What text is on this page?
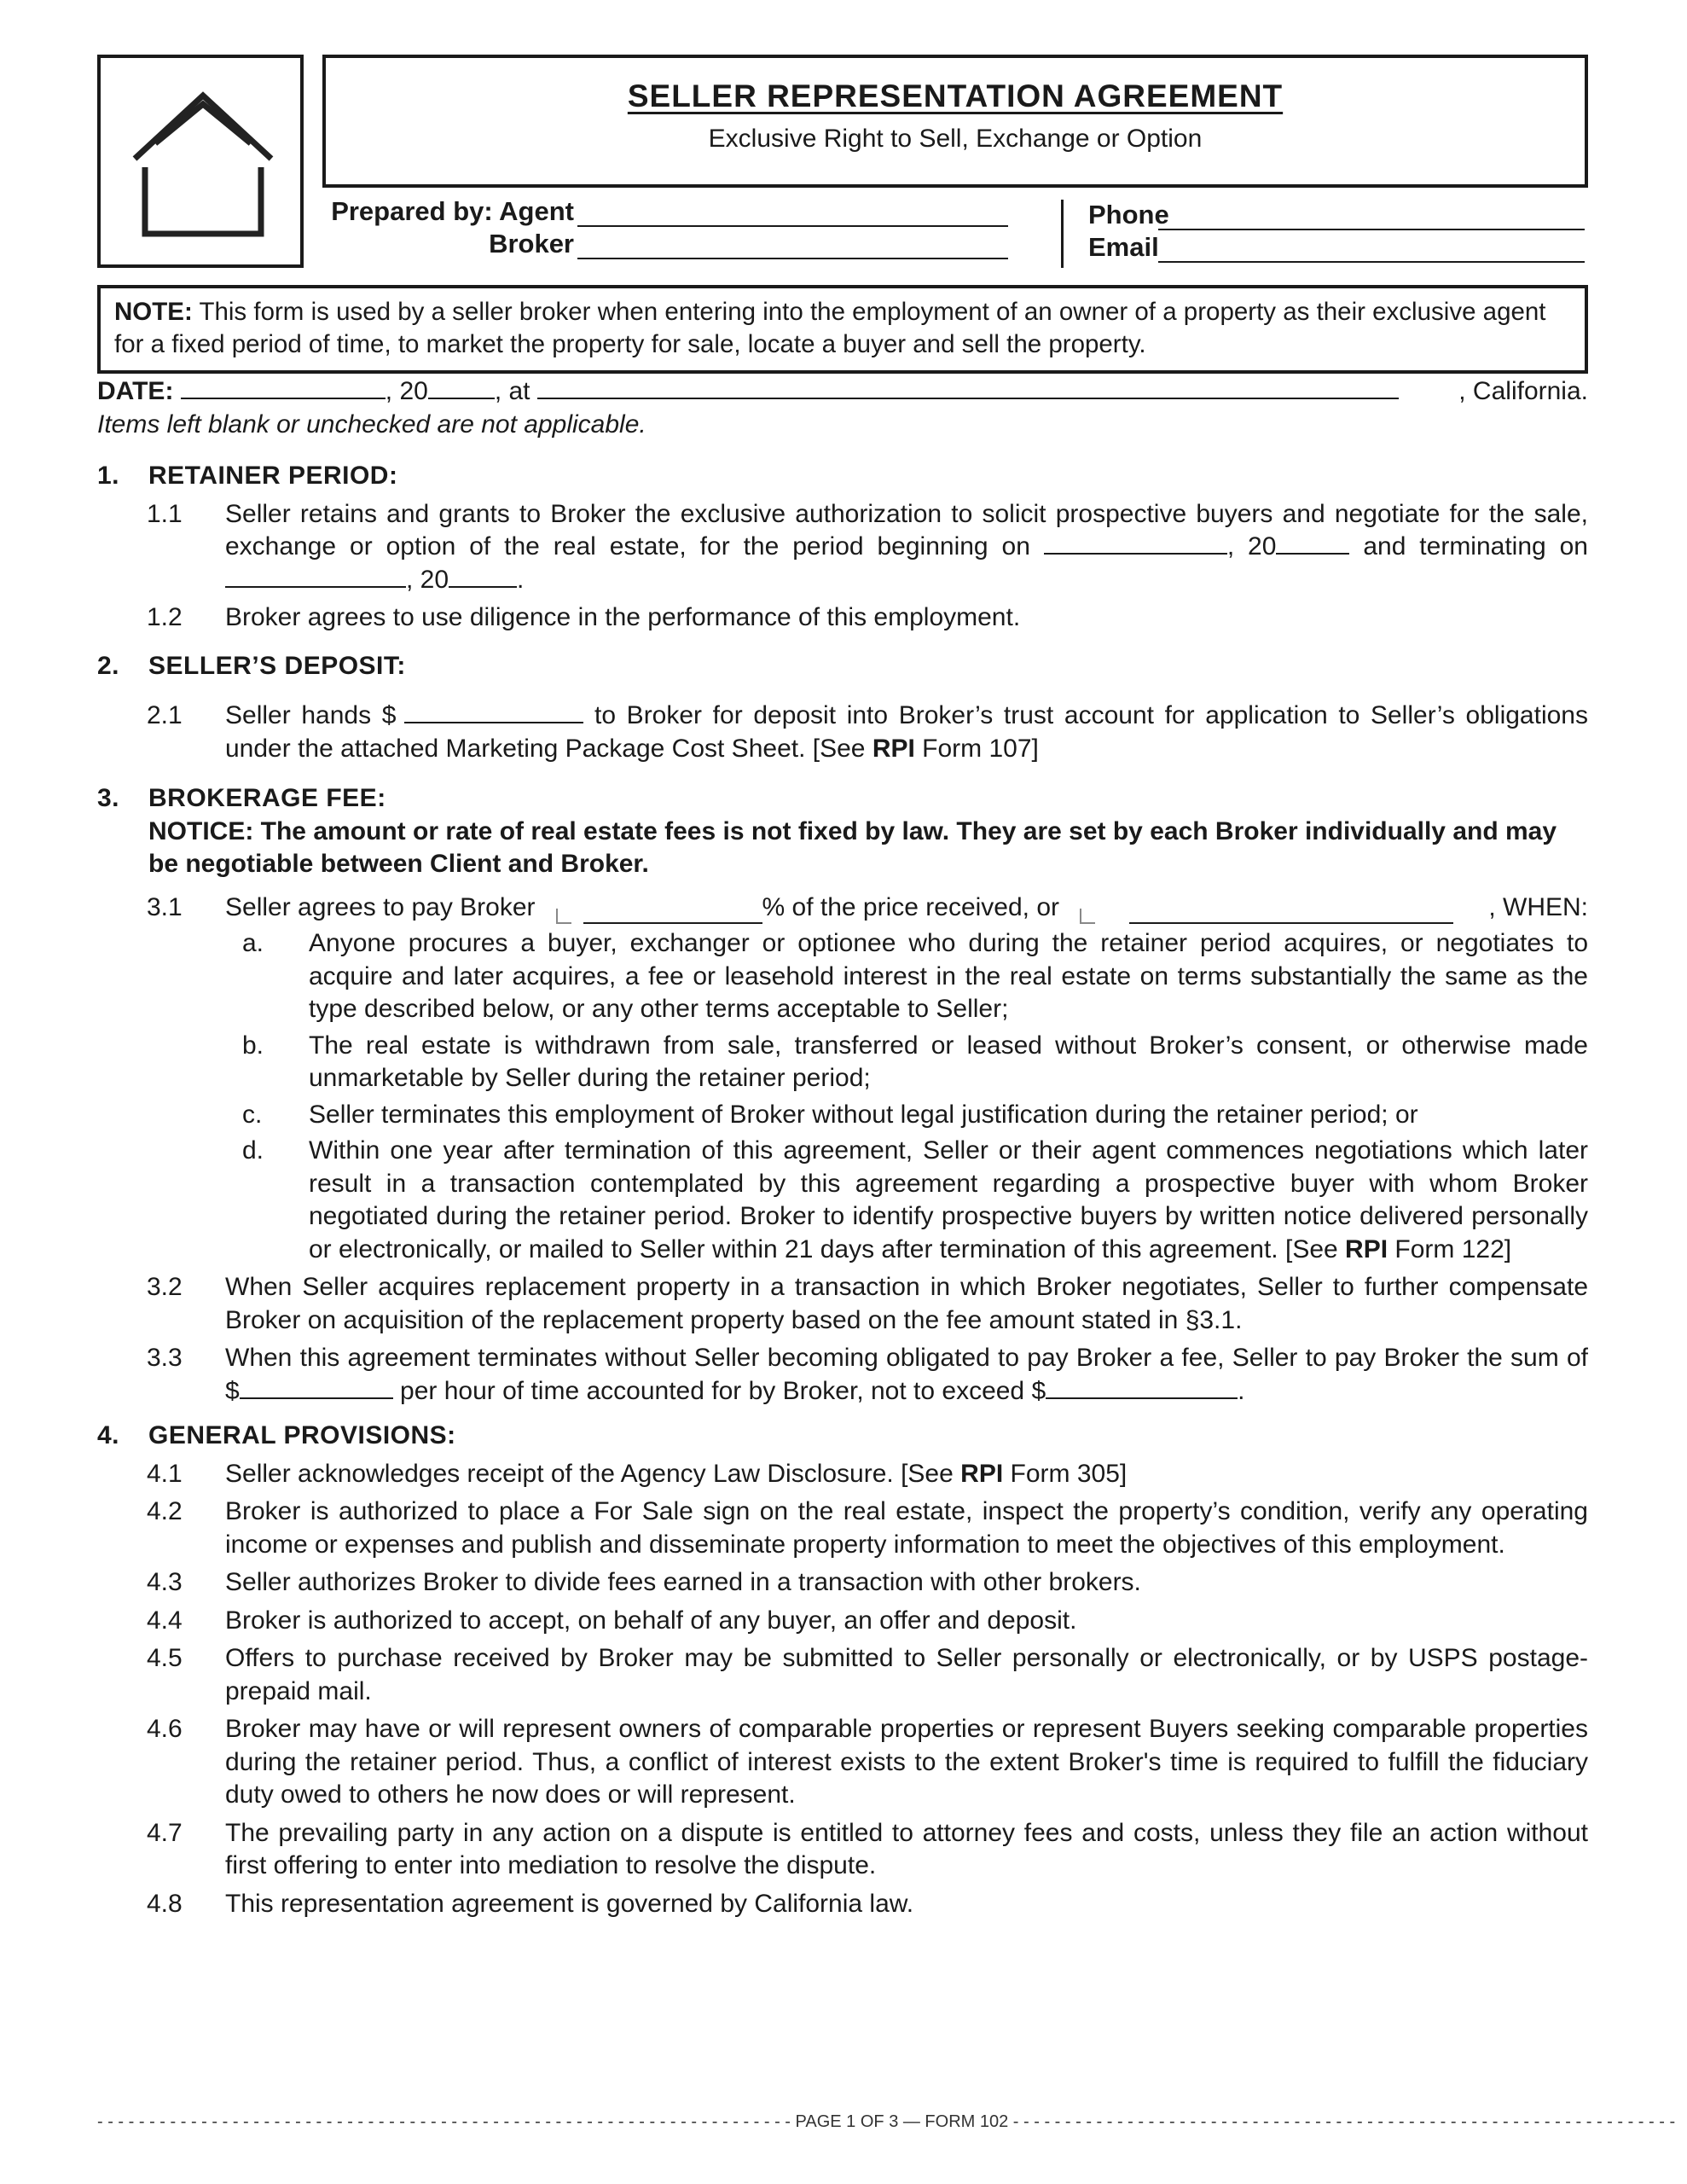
SELLER REPRESENTATION AGREEMENT
Exclusive Right to Sell, Exchange or Option
Prepared by: Agent
Broker
Phone
Email
NOTE: This form is used by a seller broker when entering into the employment of an owner of a property as their exclusive agent for a fixed period of time, to market the property for sale, locate a buyer and sell the property.
DATE:	, 20	, at	, California.
Items left blank or unchecked are not applicable.
1.	RETAINER PERIOD:
1.1	Seller retains and grants to Broker the exclusive authorization to solicit prospective buyers and negotiate for the sale, exchange or option of the real estate, for the period beginning on	, 20	and terminating on , 20	.
1.2	Broker agrees to use diligence in the performance of this employment.
2.	SELLER’S DEPOSIT:
2.1	Seller hands $	to Broker for deposit into Broker’s trust account for application to Seller’s obligations under the attached Marketing Package Cost Sheet. [See RPI Form 107]
3.	BROKERAGE FEE:
NOTICE: The amount or rate of real estate fees is not fixed by law. They are set by each Broker individually and may be negotiable between Client and Broker.
3.1	Seller agrees to pay Broker	% of the price received, or	, WHEN:
a.	Anyone procures a buyer, exchanger or optionee who during the retainer period acquires, or negotiates to acquire and later acquires, a fee or leasehold interest in the real estate on terms substantially the same as the type described below, or any other terms acceptable to Seller;
b.	The real estate is withdrawn from sale, transferred or leased without Broker’s consent, or otherwise made unmarketable by Seller during the retainer period;
c.	Seller terminates this employment of Broker without legal justification during the retainer period; or
d.	Within one year after termination of this agreement, Seller or their agent commences negotiations which later result in a transaction contemplated by this agreement regarding a prospective buyer with whom Broker negotiated during the retainer period. Broker to identify prospective buyers by written notice delivered personally or electronically, or mailed to Seller within 21 days after termination of this agreement. [See RPI Form 122]
3.2	When Seller acquires replacement property in a transaction in which Broker negotiates, Seller to further compensate Broker on acquisition of the replacement property based on the fee amount stated in §3.1.
3.3	When this agreement terminates without Seller becoming obligated to pay Broker a fee, Seller to pay Broker the sum of $	per hour of time accounted for by Broker, not to exceed $	.
4.	GENERAL PROVISIONS:
4.1	Seller acknowledges receipt of the Agency Law Disclosure. [See RPI Form 305]
4.2	Broker is authorized to place a For Sale sign on the real estate, inspect the property’s condition, verify any operating income or expenses and publish and disseminate property information to meet the objectives of this employment.
4.3	Seller authorizes Broker to divide fees earned in a transaction with other brokers.
4.4	Broker is authorized to accept, on behalf of any buyer, an offer and deposit.
4.5	Offers to purchase received by Broker may be submitted to Seller personally or electronically, or by USPS postage-prepaid mail.
4.6	Broker may have or will represent owners of comparable properties or represent Buyers seeking comparable properties during the retainer period. Thus, a conflict of interest exists to the extent Broker's time is required to fulfill the fiduciary duty owed to others he now does or will represent.
4.7	The prevailing party in any action on a dispute is entitled to attorney fees and costs, unless they file an action without first offering to enter into mediation to resolve the dispute.
4.8	This representation agreement is governed by California law.
- - - - - - - - - - - - - - - - - - - - - - - - - - - - - - - - - - - - - - - - - - - - - - - - - - - - - - - - - - - - - - - - - - - PAGE 1 OF 3 — FORM 102 - - - - - - - - - - - - - - - - - - - - - - - - - - - - - - - - - - - - - - - - - - - - - - - - - - - - - - - - - - - - - - - -
